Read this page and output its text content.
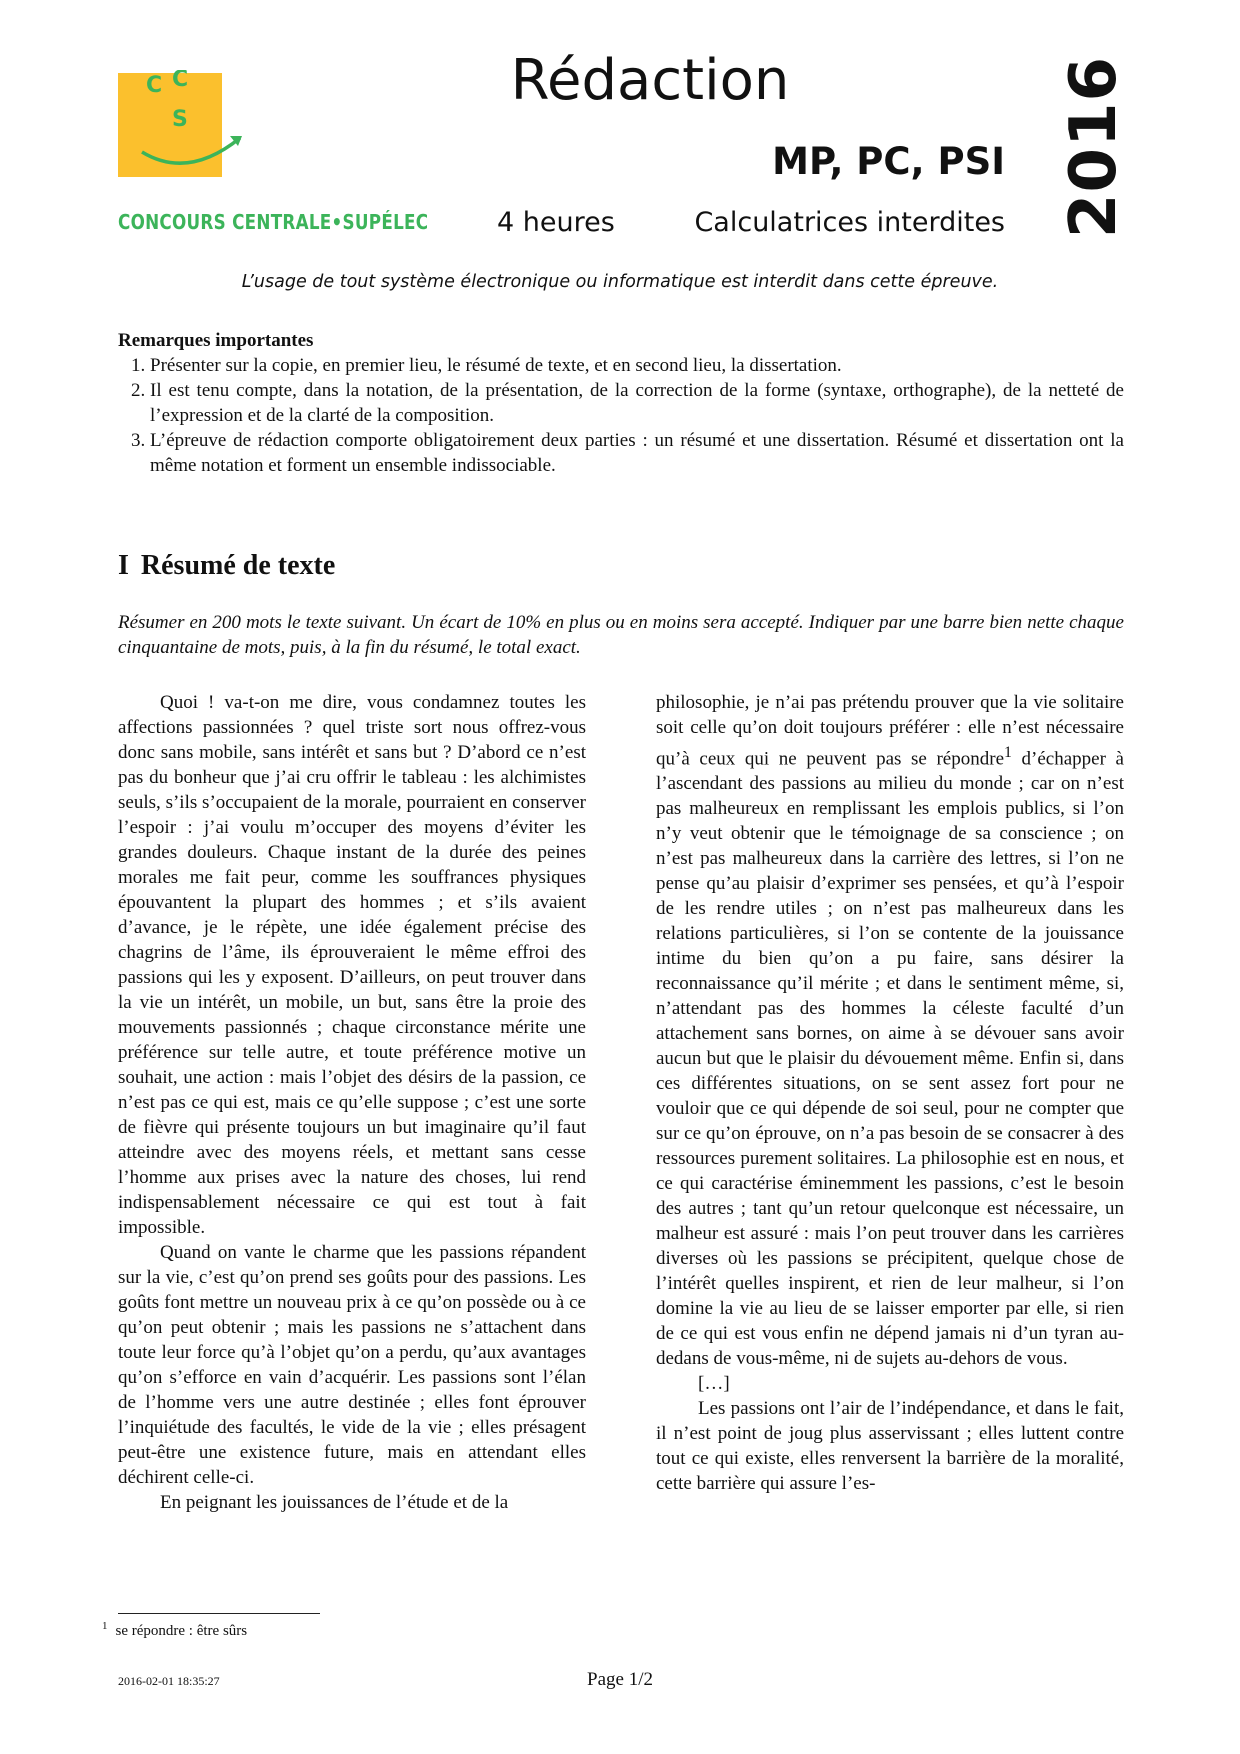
C C
S
CONCOURS CENTRALE•SUPÉLEC
Rédaction
MP, PC, PSI
4 heures	Calculatrices interdites 2016
L’usage de tout système électronique ou informatique est interdit dans cette épreuve.
Remarques importantes
1. Présenter sur la copie, en premier lieu, le résumé de texte, et en second lieu, la dissertation.
2. Il est tenu compte, dans la notation, de la présentation, de la correction de la forme (syntaxe, orthographe), de la netteté de l’expression et de la clarté de la composition.
3. L’épreuve de rédaction comporte obligatoirement deux parties : un résumé et une dissertation. Résumé et dissertation ont la même notation et forment un ensemble indissociable.
I Résumé de texte
Résumer en 200 mots le texte suivant. Un écart de 10% en plus ou en moins sera accepté. Indiquer par une barre bien nette chaque cinquantaine de mots, puis, à la fin du résumé, le total exact.

Quoi ! va-t-on me dire, vous condamnez toutes les affections passionnées ? quel triste sort nous offrez-vous donc sans mobile, sans intérêt et sans but ? D’abord ce n’est pas du bonheur que j’ai cru offrir le tableau : les alchimistes seuls, s’ils s’occupaient de la morale, pourraient en conserver l’espoir : j’ai voulu m’occuper des moyens d’éviter les grandes douleurs. Chaque instant de la durée des peines morales me fait peur, comme les souffrances physiques épouvantent la plupart des hommes ; et s’ils avaient d’avance, je le répète, une idée également précise des chagrins de l’âme, ils éprouveraient le même effroi des passions qui les y exposent. D’ailleurs, on peut trouver dans la vie un intérêt, un mobile, un but, sans être la proie des mouvements passionnés ; chaque circonstance mérite une préférence sur telle autre, et toute préférence motive un souhait, une action : mais l’objet des désirs de la passion, ce n’est pas ce qui est, mais ce qu’elle suppose ; c’est une sorte de fièvre qui présente toujours un but imaginaire qu’il faut atteindre avec des moyens réels, et mettant sans cesse l’homme aux prises avec la nature des choses, lui rend indispensablement nécessaire ce qui est tout à fait impossible.

Quand on vante le charme que les passions répandent sur la vie, c’est qu’on prend ses goûts pour des passions. Les goûts font mettre un nouveau prix à ce qu’on possède ou à ce qu’on peut obtenir ; mais les passions ne s’attachent dans toute leur force qu’à l’objet qu’on a perdu, qu’aux avantages qu’on s’efforce en vain d’acquérir. Les passions sont l’élan de l’homme vers une autre destinée ; elles font éprouver l’inquiétude des facultés, le vide de la vie ; elles présagent peut-être une existence future, mais en attendant elles déchirent celle-ci.

En peignant les jouissances de l’étude et de la

philosophie, je n’ai pas prétendu prouver que la vie solitaire soit celle qu’on doit toujours préférer : elle n’est nécessaire qu’à ceux qui ne peuvent pas se répondre$^1$ d’échapper à l’ascendant des passions au milieu du monde ; car on n’est pas malheureux en remplissant les emplois publics, si l’on n’y veut obtenir que le témoignage de sa conscience ; on n’est pas malheureux dans la carrière des lettres, si l’on ne pense qu’au plaisir d’exprimer ses pensées, et qu’à l’espoir de les rendre utiles ; on n’est pas malheureux dans les relations particulières, si l’on se contente de la jouissance intime du bien qu’on a pu faire, sans désirer la reconnaissance qu’il mérite ; et dans le sentiment même, si, n’attendant pas des hommes la céleste faculté d’un attachement sans bornes, on aime à se dévouer sans avoir aucun but que le plaisir du dévouement même. Enfin si, dans ces différentes situations, on se sent assez fort pour ne vouloir que ce qui dépende de soi seul, pour ne compter que sur ce qu’on éprouve, on n’a pas besoin de se consacrer à des ressources purement solitaires. La philosophie est en nous, et ce qui caractérise éminemment les passions, c’est le besoin des autres ; tant qu’un retour quelconque est nécessaire, un malheur est assuré : mais l’on peut trouver dans les carrières diverses où les passions se précipitent, quelque chose de l’intérêt quelles inspirent, et rien de leur malheur, si l’on domine la vie au lieu de se laisser emporter par elle, si rien de ce qui est vous enfin ne dépend jamais ni d’un tyran au-dedans de vous-même, ni de sujets au-dehors de vous.

[…]

Les passions ont l’air de l’indépendance, et dans le fait, il n’est point de joug plus asservissant ; elles luttent contre tout ce qui existe, elles renversent la barrière de la moralité, cette barrière qui assure l’es-

$^1$ se répondre : être sûrs
2016-02-01 18:35:27	Page 1/2
